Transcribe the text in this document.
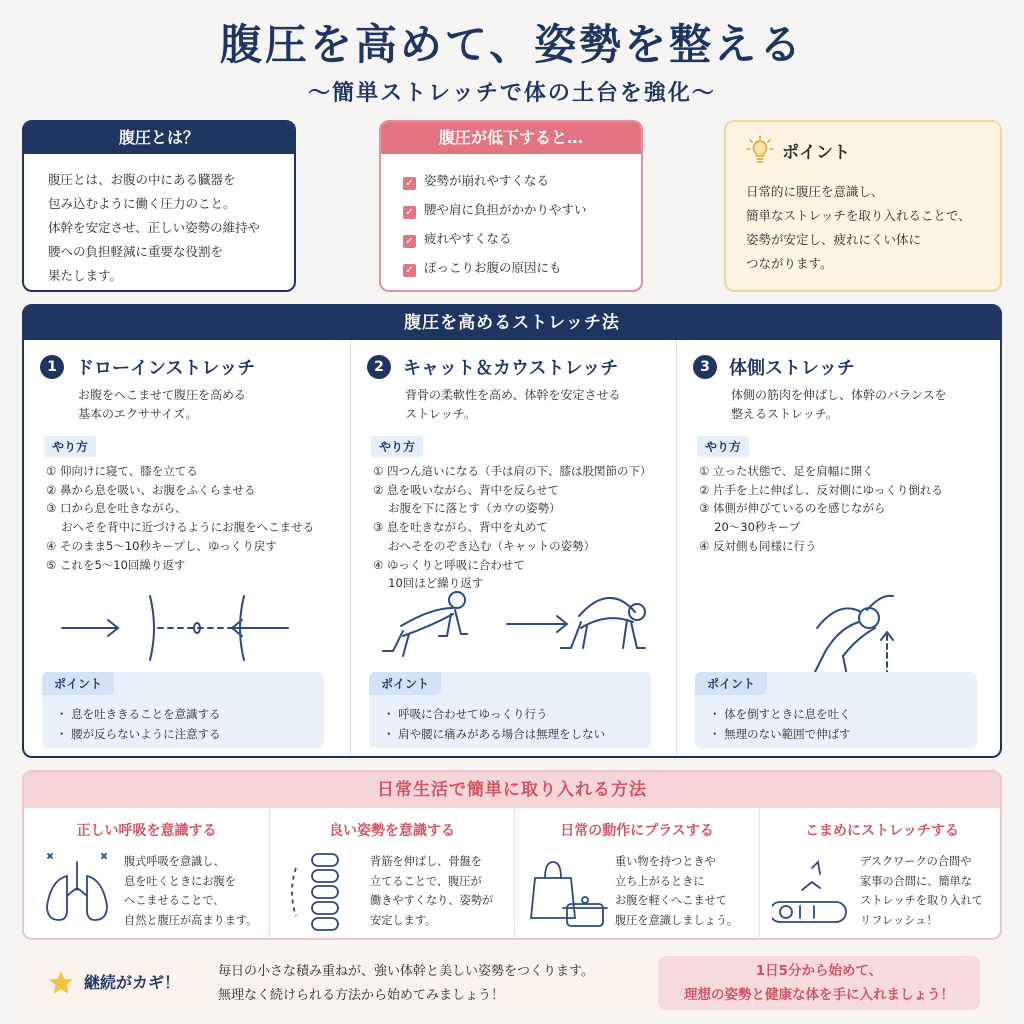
腹圧を高めて、姿勢を整える
〜簡単ストレッチで体の土台を強化〜
腹圧とは？
腹圧とは、お腹の中にある臓器を
包み込むように働く圧力のこと。
体幹を安定させ、正しい姿勢の維持や
腰への負担軽減に重要な役割を
果たします。
腹圧が低下すると…
✓ 姿勢が崩れやすくなる
✓ 腰や肩に負担がかかりやすい
✓ 疲れやすくなる
✓ ぽっこりお腹の原因にも
ポイント
日常的に腹圧を意識し、
簡単なストレッチを取り入れることで、
姿勢が安定し、疲れにくい体に
つながります。
腹圧を高めるストレッチ法
1	ドローインストレッチ
お腹をへこませて腹圧を高める
基本のエクササイズ。
やり方
① 仰向けに寝て、膝を立てる
② 鼻から息を吸い、お腹をふくらませる
③ 口から息を吐きながら、
　 おへそを背中に近づけるようにお腹をへこませる
④ そのまま5〜10秒キープし、ゆっくり戻す
⑤ これを5〜10回繰り返す
ポイント
・ 息を吐ききることを意識する
・ 腰が反らないように注意する
2	キャット＆カウストレッチ
背骨の柔軟性を高め、体幹を安定させる
ストレッチ。
やり方
① 四つん這いになる（手は肩の下、膝は股関節の下）
② 息を吸いながら、背中を反らせて
　 お腹を下に落とす（カウの姿勢）
③ 息を吐きながら、背中を丸めて
　 おへそをのぞき込む（キャットの姿勢）
④ ゆっくりと呼吸に合わせて
　 10回ほど繰り返す
ポイント
・ 呼吸に合わせてゆっくり行う
・ 肩や腰に痛みがある場合は無理をしない
3	体側ストレッチ
体側の筋肉を伸ばし、体幹のバランスを
整えるストレッチ。
やり方
① 立った状態で、足を肩幅に開く
② 片手を上に伸ばし、反対側にゆっくり倒れる
③ 体側が伸びているのを感じながら
　 20〜30秒キープ
④ 反対側も同様に行う
ポイント
・ 体を倒すときに息を吐く
・ 無理のない範囲で伸ばす
日常生活で簡単に取り入れる方法
正しい呼吸を意識する
腹式呼吸を意識し、
息を吐くときにお腹を
へこませることで、
自然と腹圧が高まります。
良い姿勢を意識する
背筋を伸ばし、骨盤を
立てることで、腹圧が
働きやすくなり、姿勢が
安定します。
日常の動作にプラスする
重い物を持つときや
立ち上がるときに
お腹を軽くへこませて
腹圧を意識しましょう。
こまめにストレッチする
デスクワークの合間や
家事の合間に、簡単な
ストレッチを取り入れて
リフレッシュ！
継続がカギ！
毎日の小さな積み重ねが、強い体幹と美しい姿勢をつくります。
無理なく続けられる方法から始めてみましょう！
1日5分から始めて、
理想の姿勢と健康な体を手に入れましょう！
